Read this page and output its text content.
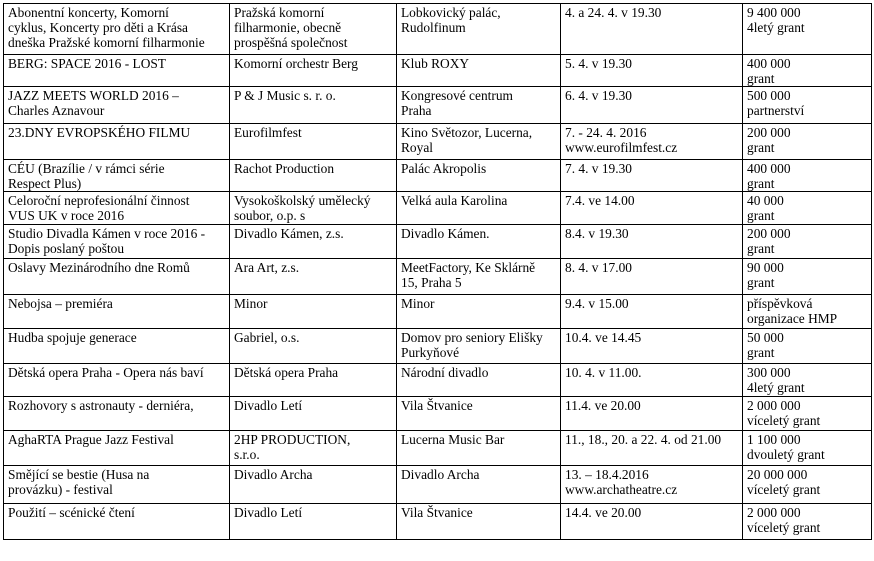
Abonentní koncerty, Komorní
cyklus, Koncerty pro děti a Krása
dneška Pražské komorní filharmonie	Pražská komorní
filharmonie, obecně
prospěšná společnost	Lobkovický palác,
Rudolfinum	4. a 24. 4. v 19.30	9 400 000
4letý grant

BERG: SPACE 2016 - LOST	Komorní orchestr Berg	Klub ROXY	5. 4. v 19.30	400 000
grant

JAZZ MEETS WORLD 2016 –
Charles Aznavour	P & J Music s. r. o.	Kongresové centrum
Praha	6. 4. v 19.30	500 000
partnerství

23.DNY EVROPSKÉHO FILMU	Eurofilmfest	Kino Světozor, Lucerna,
Royal	7. - 24. 4. 2016
www.eurofilmfest.cz	200 000
grant

CÉU (Brazílie / v rámci série
Respect Plus)	Rachot Production	Palác Akropolis	7. 4. v 19.30	400 000
grant

Celoroční neprofesionální činnost
VUS UK v roce 2016	Vysokoškolský umělecký
soubor, o.p. s	Velká aula Karolina	7.4. ve 14.00	40 000
grant

Studio Divadla Kámen v roce 2016 -
Dopis poslaný poštou	Divadlo Kámen, z.s.	Divadlo Kámen.	8.4. v 19.30	200 000
grant

Oslavy Mezinárodního dne Romů	Ara Art, z.s.	MeetFactory, Ke Sklárně
15, Praha 5	8. 4. v 17.00	90 000
grant

Nebojsa – premiéra	Minor	Minor	9.4. v 15.00	příspěvková
organizace HMP

Hudba spojuje generace	Gabriel, o.s.	Domov pro seniory Elišky
Purkyňové	10.4. ve 14.45	50 000
grant

Dětská opera Praha - Opera nás baví	Dětská opera Praha	Národní divadlo	10. 4. v 11.00.	300 000
4letý grant

Rozhovory s astronauty - derniéra,	Divadlo Letí	Vila Štvanice	11.4. ve 20.00	2 000 000
víceletý grant

AghaRTA Prague Jazz Festival	2HP PRODUCTION,
s.r.o.	Lucerna Music Bar	11., 18., 20. a 22. 4. od 21.00	1 100 000
dvouletý grant

Smějící se bestie (Husa na
provázku) - festival	Divadlo Archa	Divadlo Archa	13. – 18.4.2016
www.archatheatre.cz	20 000 000
víceletý grant

Použití – scénické čtení	Divadlo Letí	Vila Štvanice	14.4. ve 20.00	2 000 000
víceletý grant
